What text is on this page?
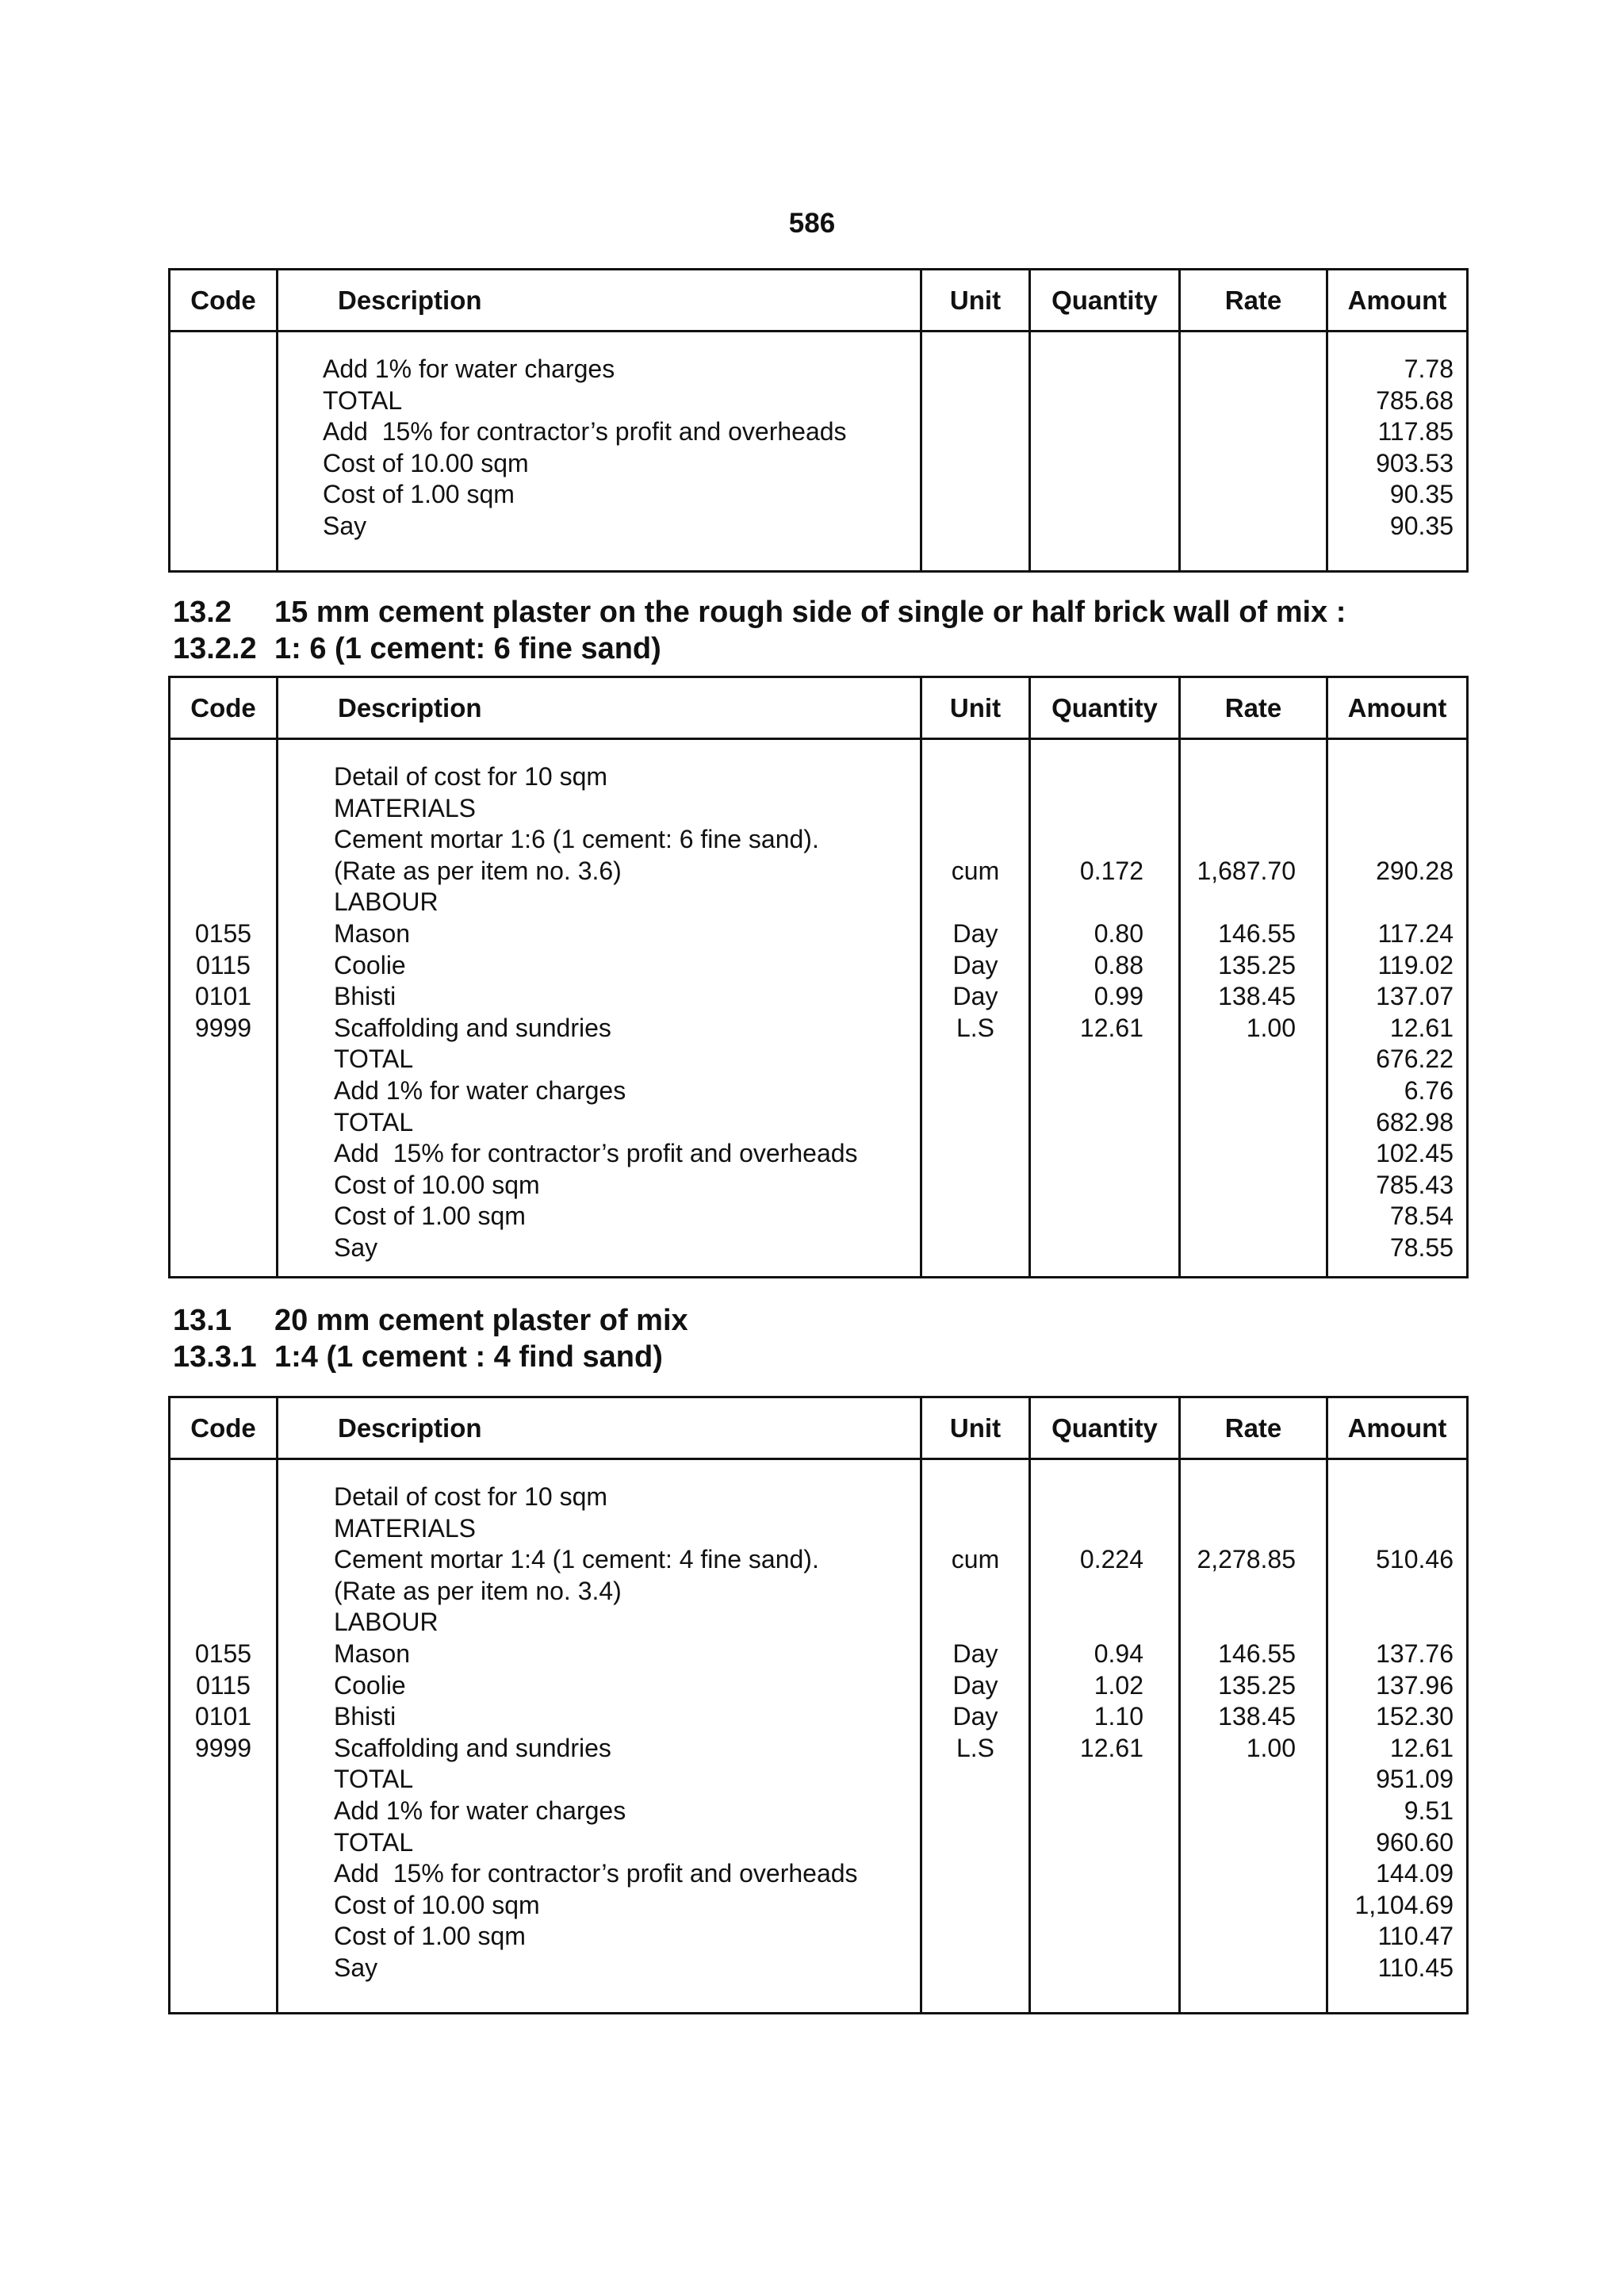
586
Code	Description	Unit	Quantity	Rate	Amount
Add 1% for water charges	7.78
TOTAL	785.68
Add  15% for contractor’s profit and overheads	117.85
Cost of 10.00 sqm	903.53
Cost of 1.00 sqm	90.35
Say	90.35
13.2 15 mm cement plaster on the rough side of single or half brick wall of mix :
13.2.2 1: 6 (1 cement: 6 fine sand)
Code	Description	Unit	Quantity	Rate	Amount
Detail of cost for 10 sqm
MATERIALS
Cement mortar 1:6 (1 cement: 6 fine sand).
(Rate as per item no. 3.6)	cum	0.172	1,687.70	290.28
LABOUR
0155	Mason	Day	0.80	146.55	117.24
0115	Coolie	Day	0.88	135.25	119.02
0101	Bhisti	Day	0.99	138.45	137.07
9999	Scaffolding and sundries	L.S	12.61	1.00	12.61
TOTAL	676.22
Add 1% for water charges	6.76
TOTAL	682.98
Add  15% for contractor’s profit and overheads	102.45
Cost of 10.00 sqm	785.43
Cost of 1.00 sqm	78.54
Say	78.55
13.1 20 mm cement plaster of mix
13.3.1 1:4 (1 cement : 4 find sand)
Code	Description	Unit	Quantity	Rate	Amount
Detail of cost for 10 sqm
MATERIALS
Cement mortar 1:4 (1 cement: 4 fine sand).	cum	0.224	2,278.85	510.46
(Rate as per item no. 3.4)
LABOUR
0155	Mason	Day	0.94	146.55	137.76
0115	Coolie	Day	1.02	135.25	137.96
0101	Bhisti	Day	1.10	138.45	152.30
9999	Scaffolding and sundries	L.S	12.61	1.00	12.61
TOTAL	951.09
Add 1% for water charges	9.51
TOTAL	960.60
Add  15% for contractor’s profit and overheads	144.09
Cost of 10.00 sqm	1,104.69
Cost of 1.00 sqm	110.47
Say	110.45
